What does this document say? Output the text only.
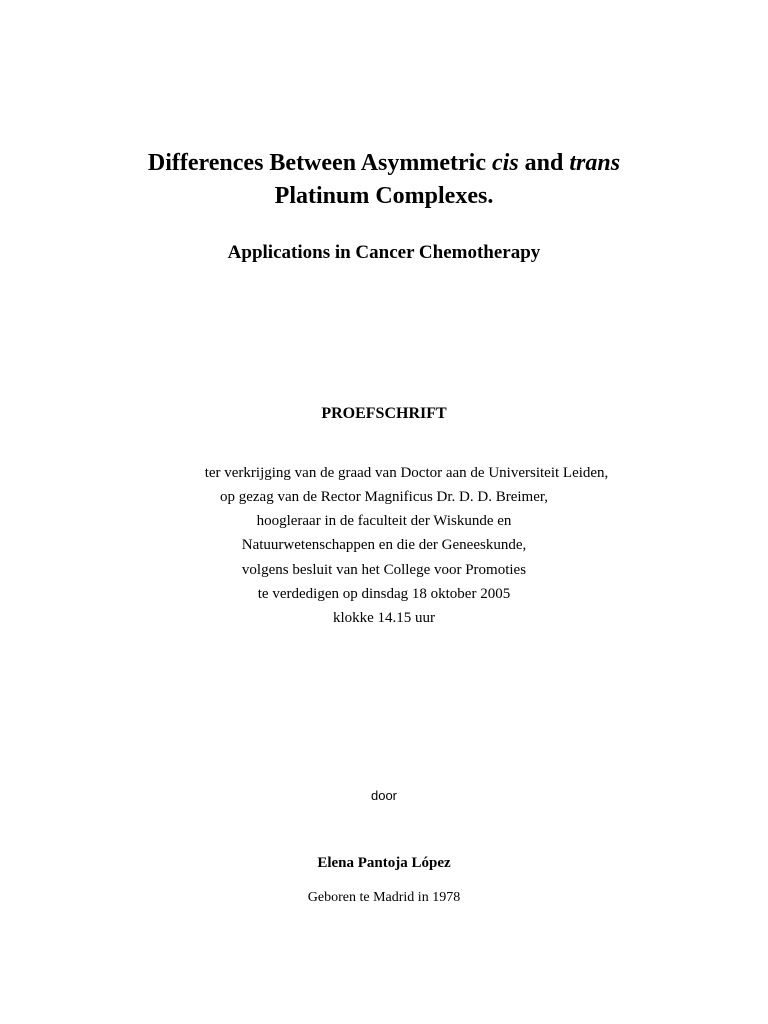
Differences Between Asymmetric cis and trans
Platinum Complexes.
Applications in Cancer Chemotherapy
PROEFSCHRIFT
ter verkrijging van de graad van Doctor aan de Universiteit Leiden,
op gezag van de Rector Magnificus Dr. D. D. Breimer,
hoogleraar in de faculteit der Wiskunde en
Natuurwetenschappen en die der Geneeskunde,
volgens besluit van het College voor Promoties
te verdedigen op dinsdag 18 oktober 2005
klokke 14.15 uur
door
Elena Pantoja López
Geboren te Madrid in 1978
